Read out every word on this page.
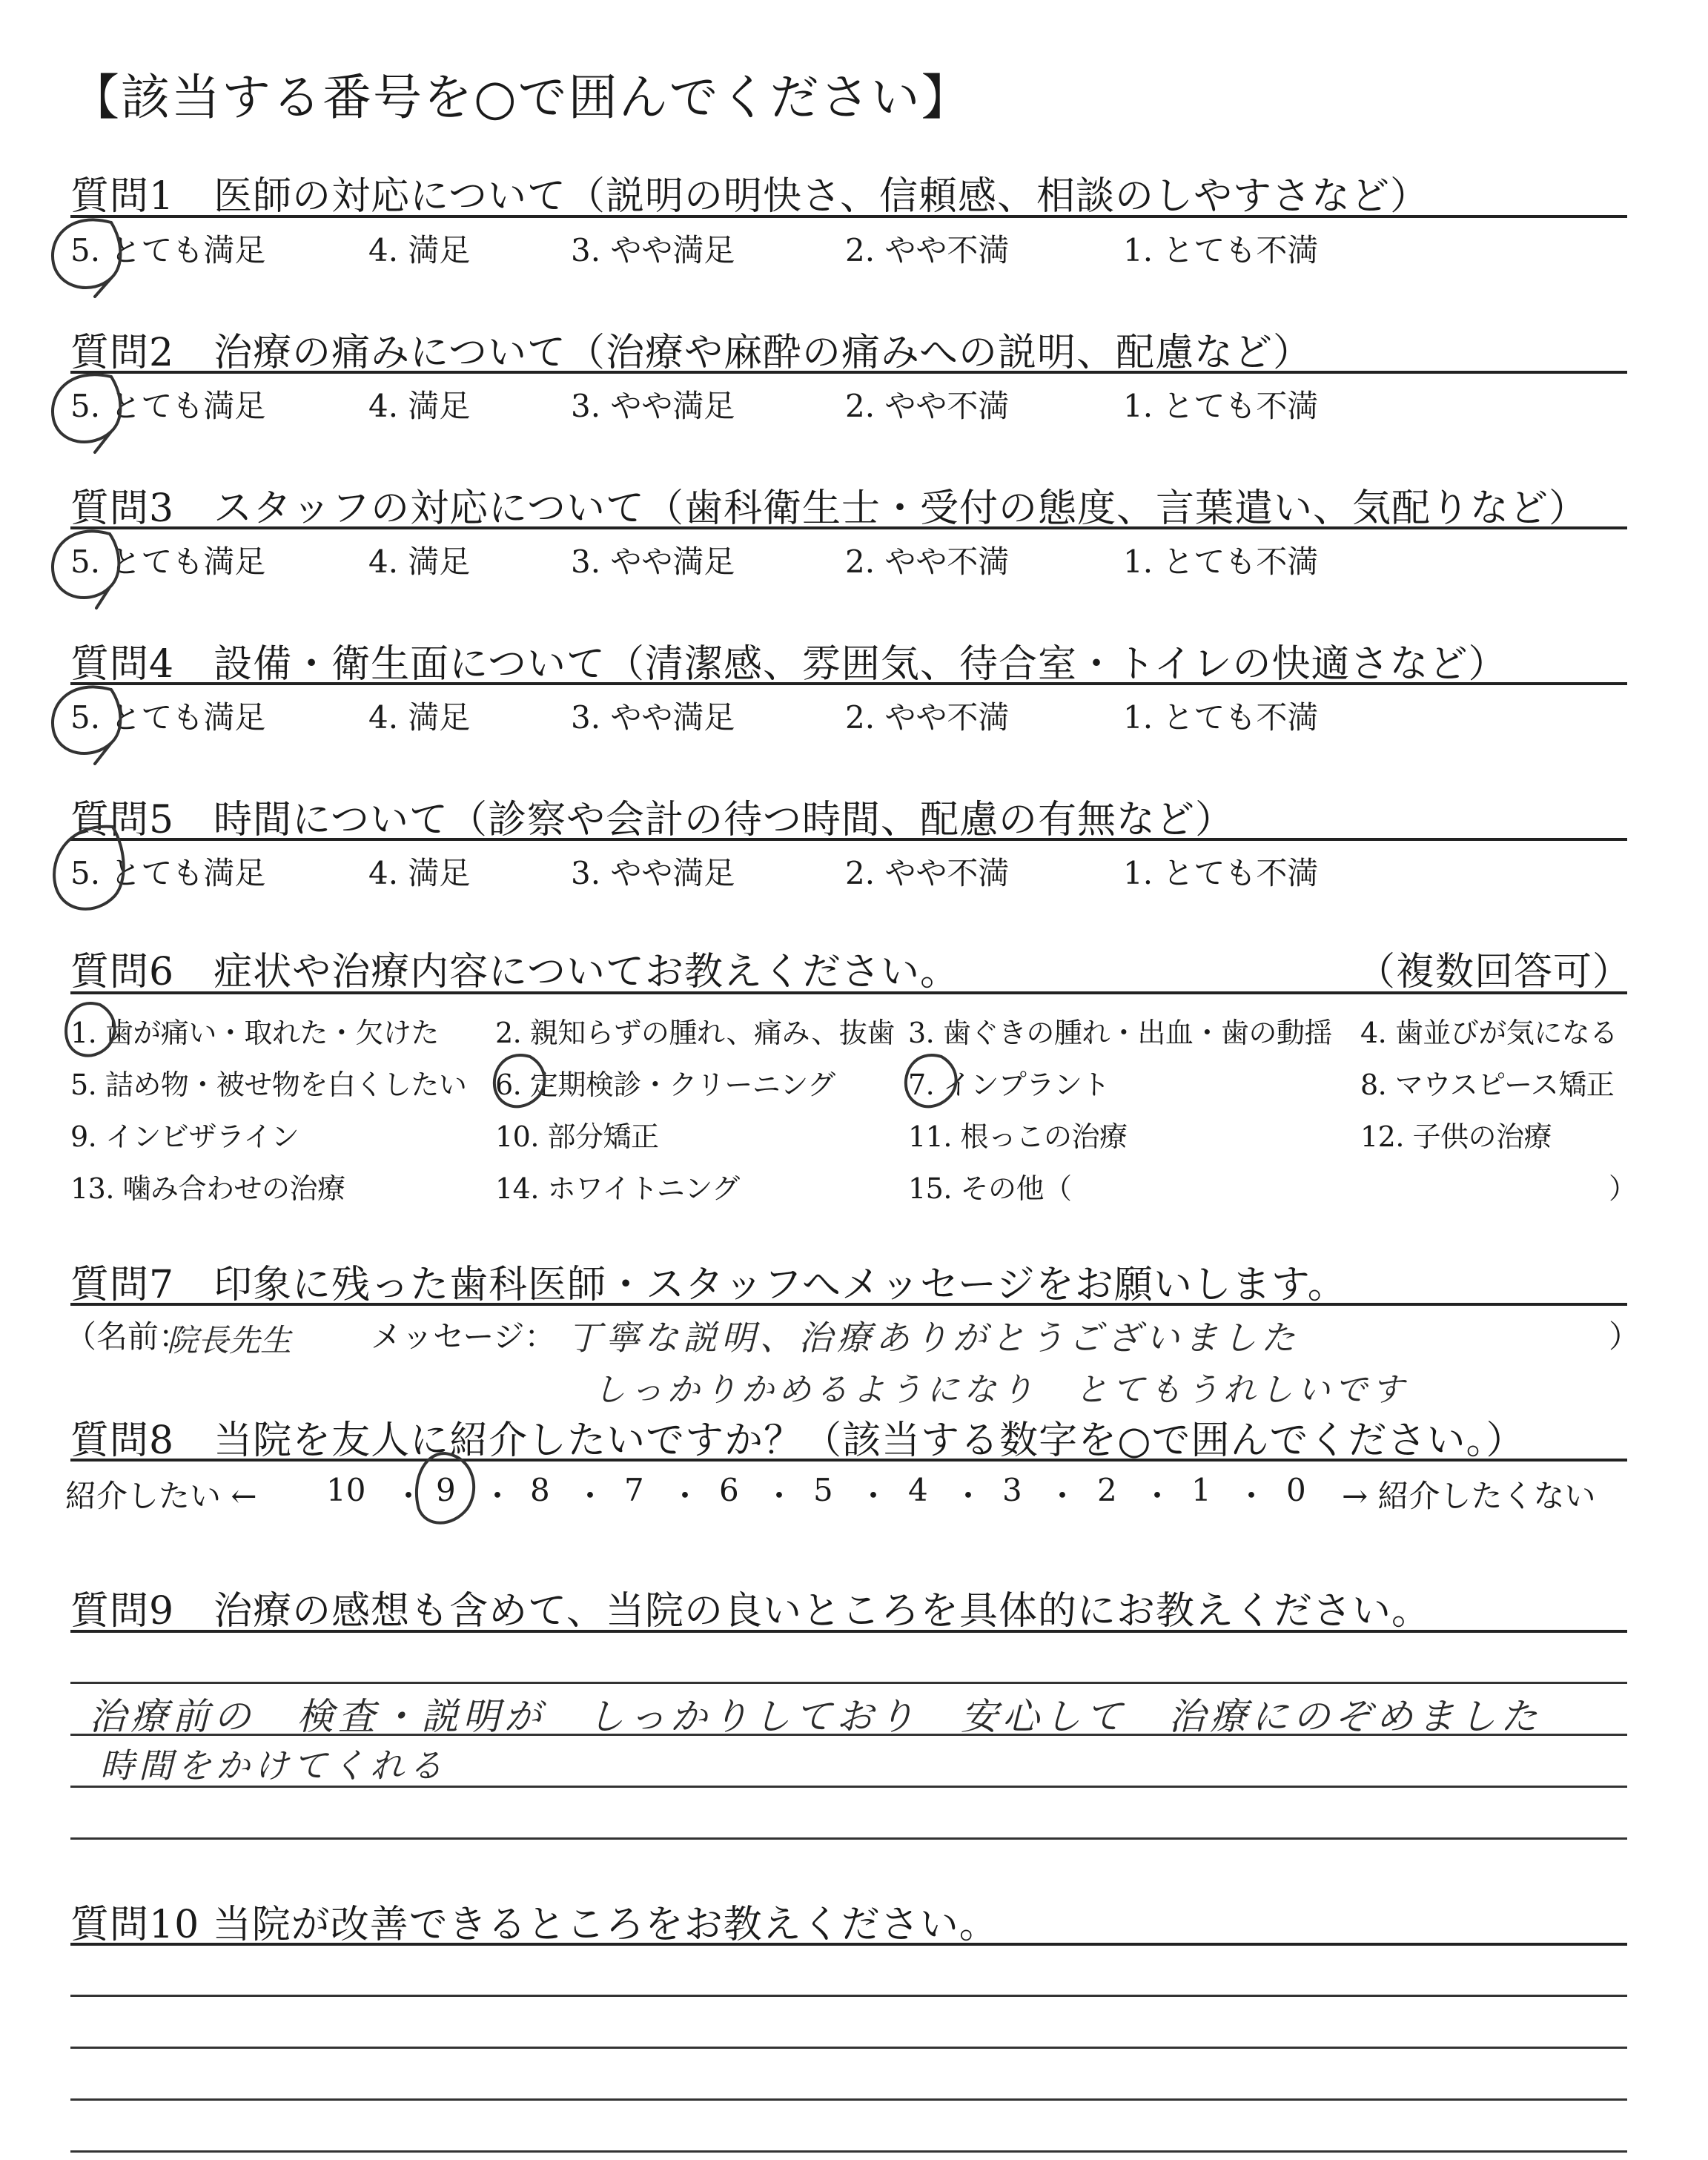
【該当する番号を○で囲んでください】
質問1　医師の対応について（説明の明快さ、信頼感、相談のしやすさなど）
5. とても満足	4. 満足	3. やや満足	2. やや不満	1. とても不満
質問2　治療の痛みについて（治療や麻酔の痛みへの説明、配慮など）
5. とても満足	4. 満足	3. やや満足	2. やや不満	1. とても不満
質問3　スタッフの対応について（歯科衛生士・受付の態度、言葉遣い、気配りなど）
5. とても満足	4. 満足	3. やや満足	2. やや不満	1. とても不満
質問4　設備・衛生面について（清潔感、雰囲気、待合室・トイレの快適さなど）
5. とても満足	4. 満足	3. やや満足	2. やや不満	1. とても不満
質問5　時間について（診察や会計の待つ時間、配慮の有無など）
5. とても満足	4. 満足	3. やや満足	2. やや不満	1. とても不満
質問6　症状や治療内容についてお教えください。	（複数回答可）
1. 歯が痛い・取れた・欠けた 2. 親知らずの腫れ、痛み、抜歯 3. 歯ぐきの腫れ・出血・歯の動揺 4. 歯並びが気になる
5. 詰め物・被せ物を白くしたい 6. 定期検診・クリーニング	7. インプラント	8. マウスピース矯正
9. インビザライン	10. 部分矯正	11. 根っこの治療	12. 子供の治療
13. 噛み合わせの治療	14. ホワイトニング	15. その他（	）
質問7　印象に残った歯科医師・スタッフへメッセージをお願いします。
（名前：
院長先生	メッセージ： 丁寧な説明、治療ありがとうございました
しっかりかめるようになり　とてもうれしいです
）
質問8　当院を友人に紹介したいですか？（該当する数字を○で囲んでください。）
紹介したい ←	→ 紹介したくない
10 ・ 9 ・ 8 ・ 7 ・ 6 ・ 5 ・ 4 ・ 3 ・ 2 ・ 1 ・ 0
質問9　治療の感想も含めて、当院の良いところを具体的にお教えください。
治療前の　検査・説明が　しっかりしており　安心して　治療にのぞめました
時間をかけてくれる
質問10 当院が改善できるところをお教えください。
